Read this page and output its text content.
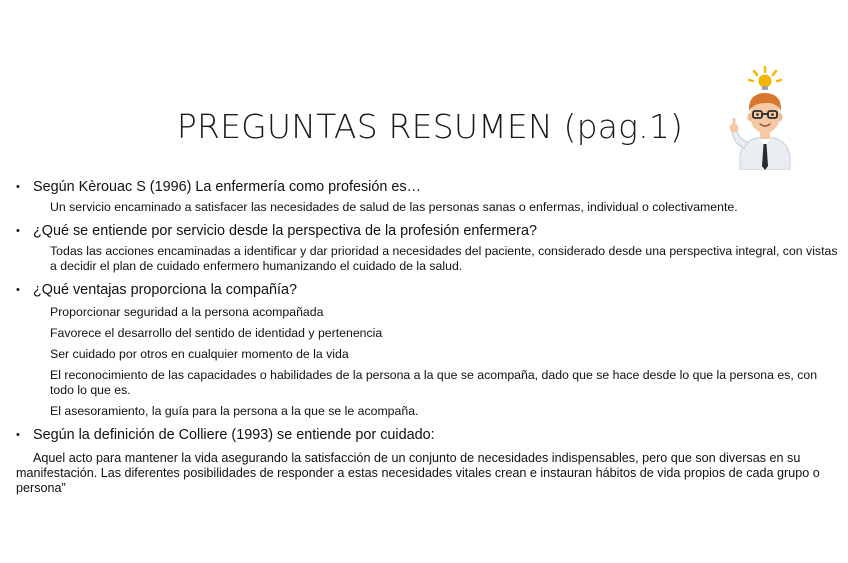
PREGUNTAS RESUMEN (pag.1)

• Según Kèrouac S (1996) La enfermería como profesión es…

Un servicio encaminado a satisfacer las necesidades de salud de las personas sanas o enfermas, individual o colectivamente.

• ¿Qué se entiende por servicio desde la perspectiva de la profesión enfermera?

Todas las acciones encaminadas a identificar y dar prioridad a necesidades del paciente, considerado desde una perspectiva integral, con vistas a decidir el plan de cuidado enfermero humanizando el cuidado de la salud.

• ¿Qué ventajas proporciona la compañía?

Proporcionar seguridad a la persona acompañada
Favorece el desarrollo del sentido de identidad y pertenencia
Ser cuidado por otros en cualquier momento de la vida
El reconocimiento de las capacidades o habilidades de la persona a la que se acompaña, dado que se hace desde lo que la persona es, con todo lo que es.
El asesoramiento, la guía para la persona a la que se le acompaña.

• Según la definición de Colliere (1993) se entiende por cuidado:

Aquel acto para mantener la vida asegurando la satisfacción de un conjunto de necesidades indispensables, pero que son diversas en su manifestación. Las diferentes posibilidades de responder a estas necesidades vitales crean e instauran hábitos de vida propios de cada grupo o persona”
